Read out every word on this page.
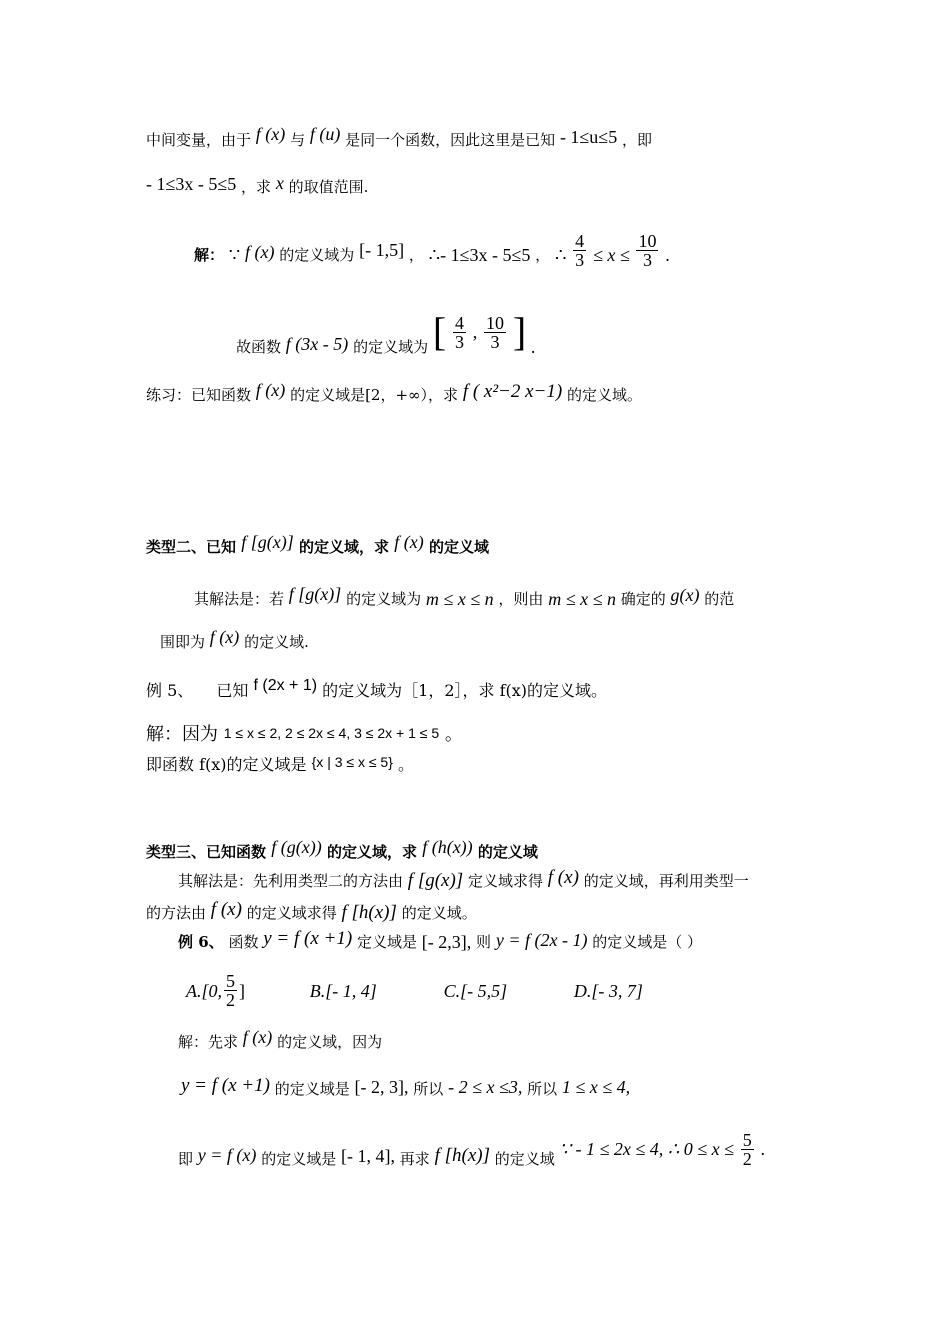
中间变量，由于 f (x) 与 f (u) 是同一个函数，因此这里是已知 - 1≤u≤5 ，即
- 1≤3x - 5≤5 ，求 x 的取值范围.
解： ∵ f (x) 的定义域为 [- 1,5] ， ∴- 1≤3x - 5≤5 ， ∴ $\frac{4}{3} \le x \le \frac{10}{3}$ .
故函数 f (3x - 5) 的定义域为 [ $\frac{4}{3}$ , $\frac{10}{3}$ ] .
练习：已知函数 f (x) 的定义域是[2，+∞），求 f ( x²−2 x−1) 的定义域。
类型二、已知 f [g(x)] 的定义域，求 f (x) 的定义域
其解法是：若 f [g(x)] 的定义域为 m ≤ x ≤ n ，则由 m ≤ x ≤ n 确定的 g(x) 的范
围即为 f (x) 的定义域.
例 5、 已知 f (2x + 1) 的定义域为［1，2］，求 f(x)的定义域。
解：因为 1 ≤ x ≤ 2, 2 ≤ 2x ≤ 4, 3 ≤ 2x + 1 ≤ 5 。
即函数 f(x)的定义域是 {x | 3 ≤ x ≤ 5} 。
类型三、已知函数 f (g(x)) 的定义域，求 f (h(x)) 的定义域
其解法是：先利用类型二的方法由 f [g(x)] 定义域求得 f (x) 的定义域，再利用类型一
的方法由 f (x) 的定义域求得 f [h(x)] 的定义域。
例 6、 函数 y = f (x +1) 定义域是 [- 2,3], 则 y = f (2x - 1) 的定义域是（ ）
A.[0, $\frac{5}{2}$ ]	B.[- 1, 4]	C.[- 5,5]	D.[- 3, 7]
解：先求 f (x) 的定义域，因为
y = f (x +1) 的定义域是 [- 2, 3], 所以 - 2 ≤ x ≤3, 所以 1 ≤ x ≤ 4,
即 y = f (x) 的定义域是 [- 1, 4], 再求 f [h(x)] 的定义域 ∵ - 1 ≤ 2x ≤ 4, ∴ $0 \le x \le \frac{5}{2}$ .
